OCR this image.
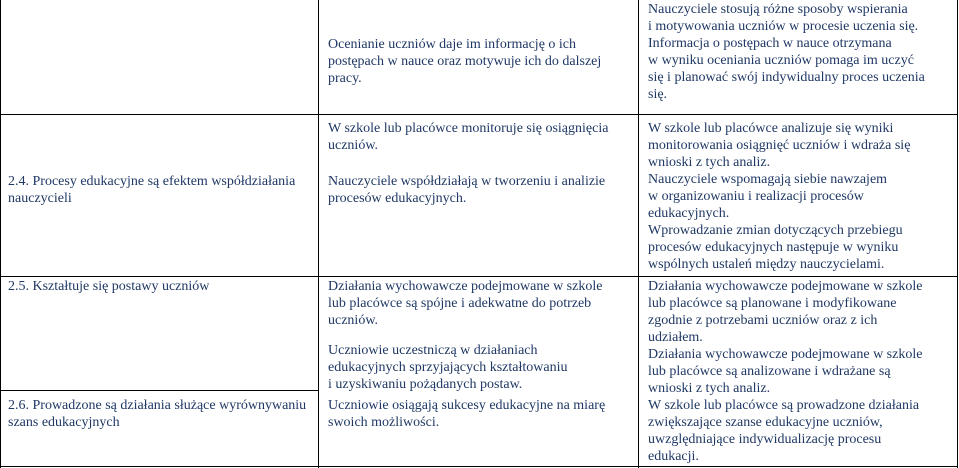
Ocenianie uczniów daje im informację o ich postępach w nauce oraz motywuje ich do dalszej pracy.

Nauczyciele stosują różne sposoby wspierania

i motywowania uczniów w procesie uczenia się.

Informacja o postępach w nauce otrzymana

w wyniku oceniania uczniów pomaga im uczyć

się i planować swój indywidualny proces uczenia

się.

2.4. Procesy edukacyjne są efektem współdziałania nauczycieli
W szkole lub placówce monitoruje się osiągnięcia uczniów.
Nauczyciele współdziałają w tworzeniu i analizie procesów edukacyjnych.

W szkole lub placówce analizuje się wyniki

monitorowania osiągnięć uczniów i wdraża się

wnioski z tych analiz.

Nauczyciele wspomagają siebie nawzajem

w organizowaniu i realizacji procesów

edukacyjnych.

Wprowadzanie zmian dotyczących przebiegu

procesów edukacyjnych następuje w wyniku

wspólnych ustaleń między nauczycielami.

2.5. Kształtuje się postawy uczniów	Działania wychowawcze podejmowane w szkole

lub placówce są spójne i adekwatne do potrzeb

uczniów.

Uczniowie uczestniczą w działaniach

edukacyjnych sprzyjających kształtowaniu

i uzyskiwaniu pożądanych postaw.

Działania wychowawcze podejmowane w szkole

lub placówce są planowane i modyfikowane

zgodnie z potrzebami uczniów oraz z ich

udziałem.

Działania wychowawcze podejmowane w szkole

lub placówce są analizowane i wdrażane są

wnioski z tych analiz.

2.6. Prowadzone są działania służące wyrównywaniu szans edukacyjnych
Uczniowie osiągają sukcesy edukacyjne na miarę swoich możliwości.

W szkole lub placówce są prowadzone działania

zwiększające szanse edukacyjne uczniów,

uwzględniające indywidualizację procesu

edukacji.
